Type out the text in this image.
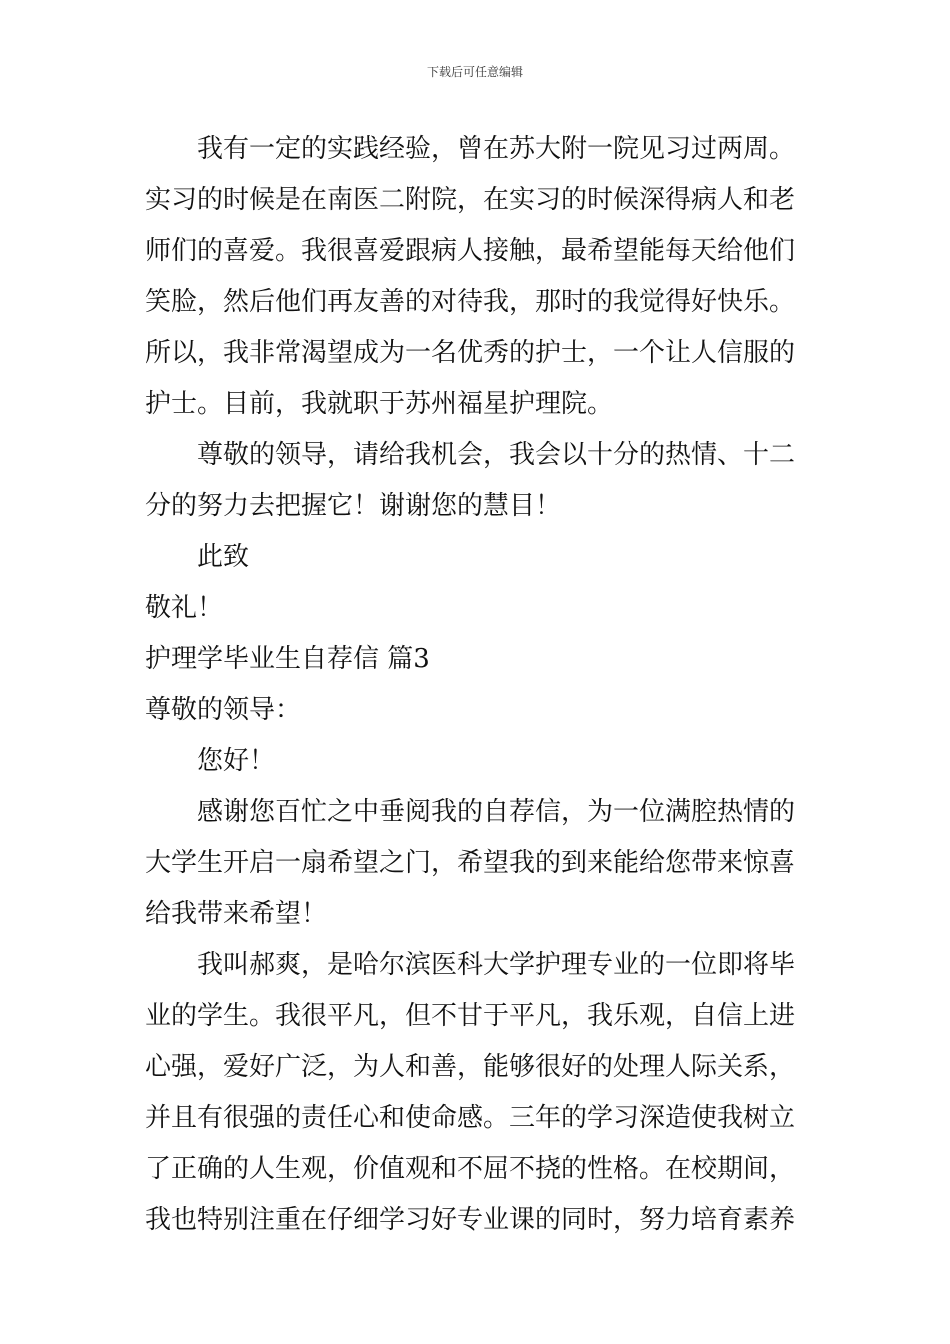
下载后可任意编辑
我有一定的实践经验，曾在苏大附一院见习过两周。
实习的时候是在南医二附院，在实习的时候深得病人和老
师们的喜爱。我很喜爱跟病人接触，最希望能每天给他们
笑脸，然后他们再友善的对待我，那时的我觉得好快乐。
所以，我非常渴望成为一名优秀的护士，一个让人信服的
护士。目前，我就职于苏州福星护理院。
尊敬的领导，请给我机会，我会以十分的热情、十二
分的努力去把握它！谢谢您的慧目！
此致
敬礼！
护理学毕业生自荐信 篇3
尊敬的领导：
您好！
感谢您百忙之中垂阅我的自荐信，为一位满腔热情的
大学生开启一扇希望之门，希望我的到来能给您带来惊喜
给我带来希望！
我叫郝爽，是哈尔滨医科大学护理专业的一位即将毕
业的学生。我很平凡，但不甘于平凡，我乐观，自信上进
心强，爱好广泛，为人和善，能够很好的处理人际关系，
并且有很强的责任心和使命感。三年的学习深造使我树立
了正确的人生观，价值观和不屈不挠的性格。在校期间，
我也特别注重在仔细学习好专业课的同时，努力培育素养
